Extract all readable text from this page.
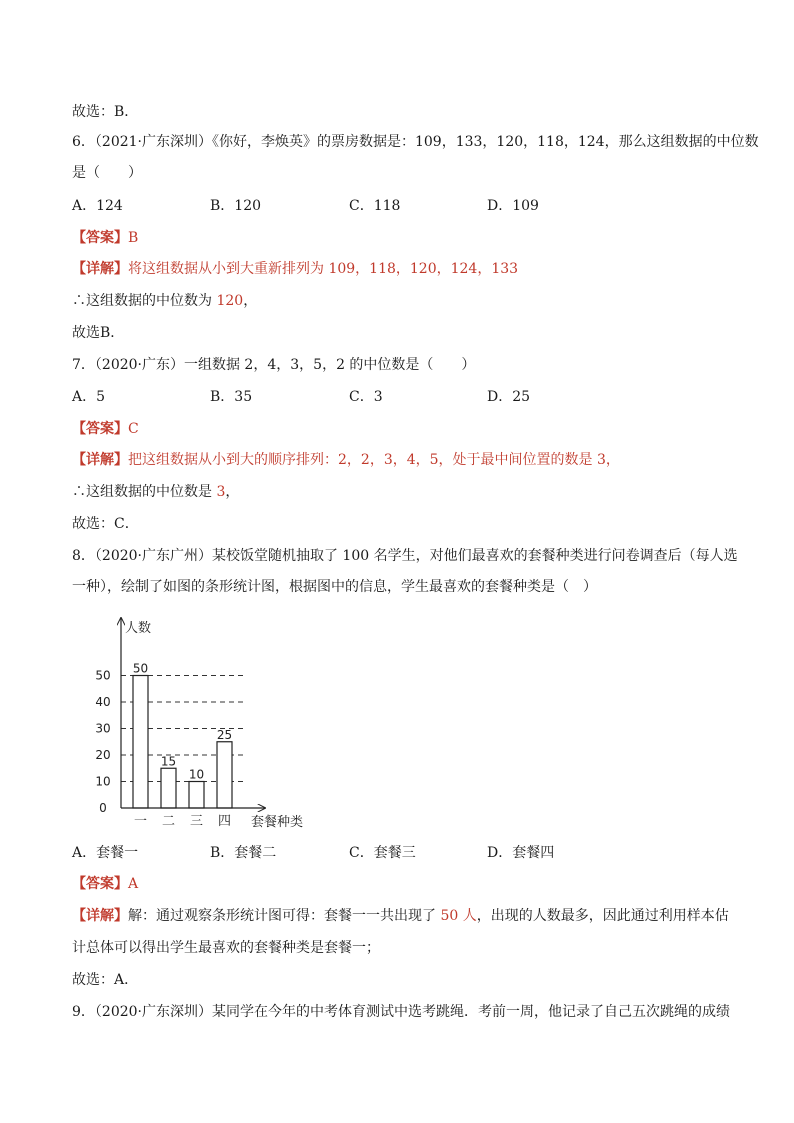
故选：B．
6．（2021·广东深圳）《你好，李焕英》的票房数据是：109，133，120，118，124，那么这组数据的中位数
是（　　）
A．124	B．120	C．118	D．109
【答案】B
【详解】将这组数据从小到大重新排列为 109，118，120，124，133
∴这组数据的中位数为 120，
故选B．
7．（2020·广东）一组数据 2，4，3，5，2 的中位数是（　　）
A．5	B．35	C．3	D．25
【答案】C
【详解】把这组数据从小到大的顺序排列：2，2，3，4，5，处于最中间位置的数是 3，
∴这组数据的中位数是 3，
故选：C．
8．（2020·广东广州）某校饭堂随机抽取了 100 名学生，对他们最喜欢的套餐种类进行问卷调查后（每人选
一种），绘制了如图的条形统计图，根据图中的信息，学生最喜欢的套餐种类是（　）
人数
套餐种类
0
10
20
30
40
50 50
一
15
二
10
三
25
四
A．套餐一	B．套餐二	C．套餐三	D．套餐四
【答案】A
【详解】解：通过观察条形统计图可得：套餐一一共出现了 50 人，出现的人数最多，因此通过利用样本估
计总体可以得出学生最喜欢的套餐种类是套餐一；
故选：A．
9．（2020·广东深圳）某同学在今年的中考体育测试中选考跳绳．考前一周，他记录了自己五次跳绳的成绩
